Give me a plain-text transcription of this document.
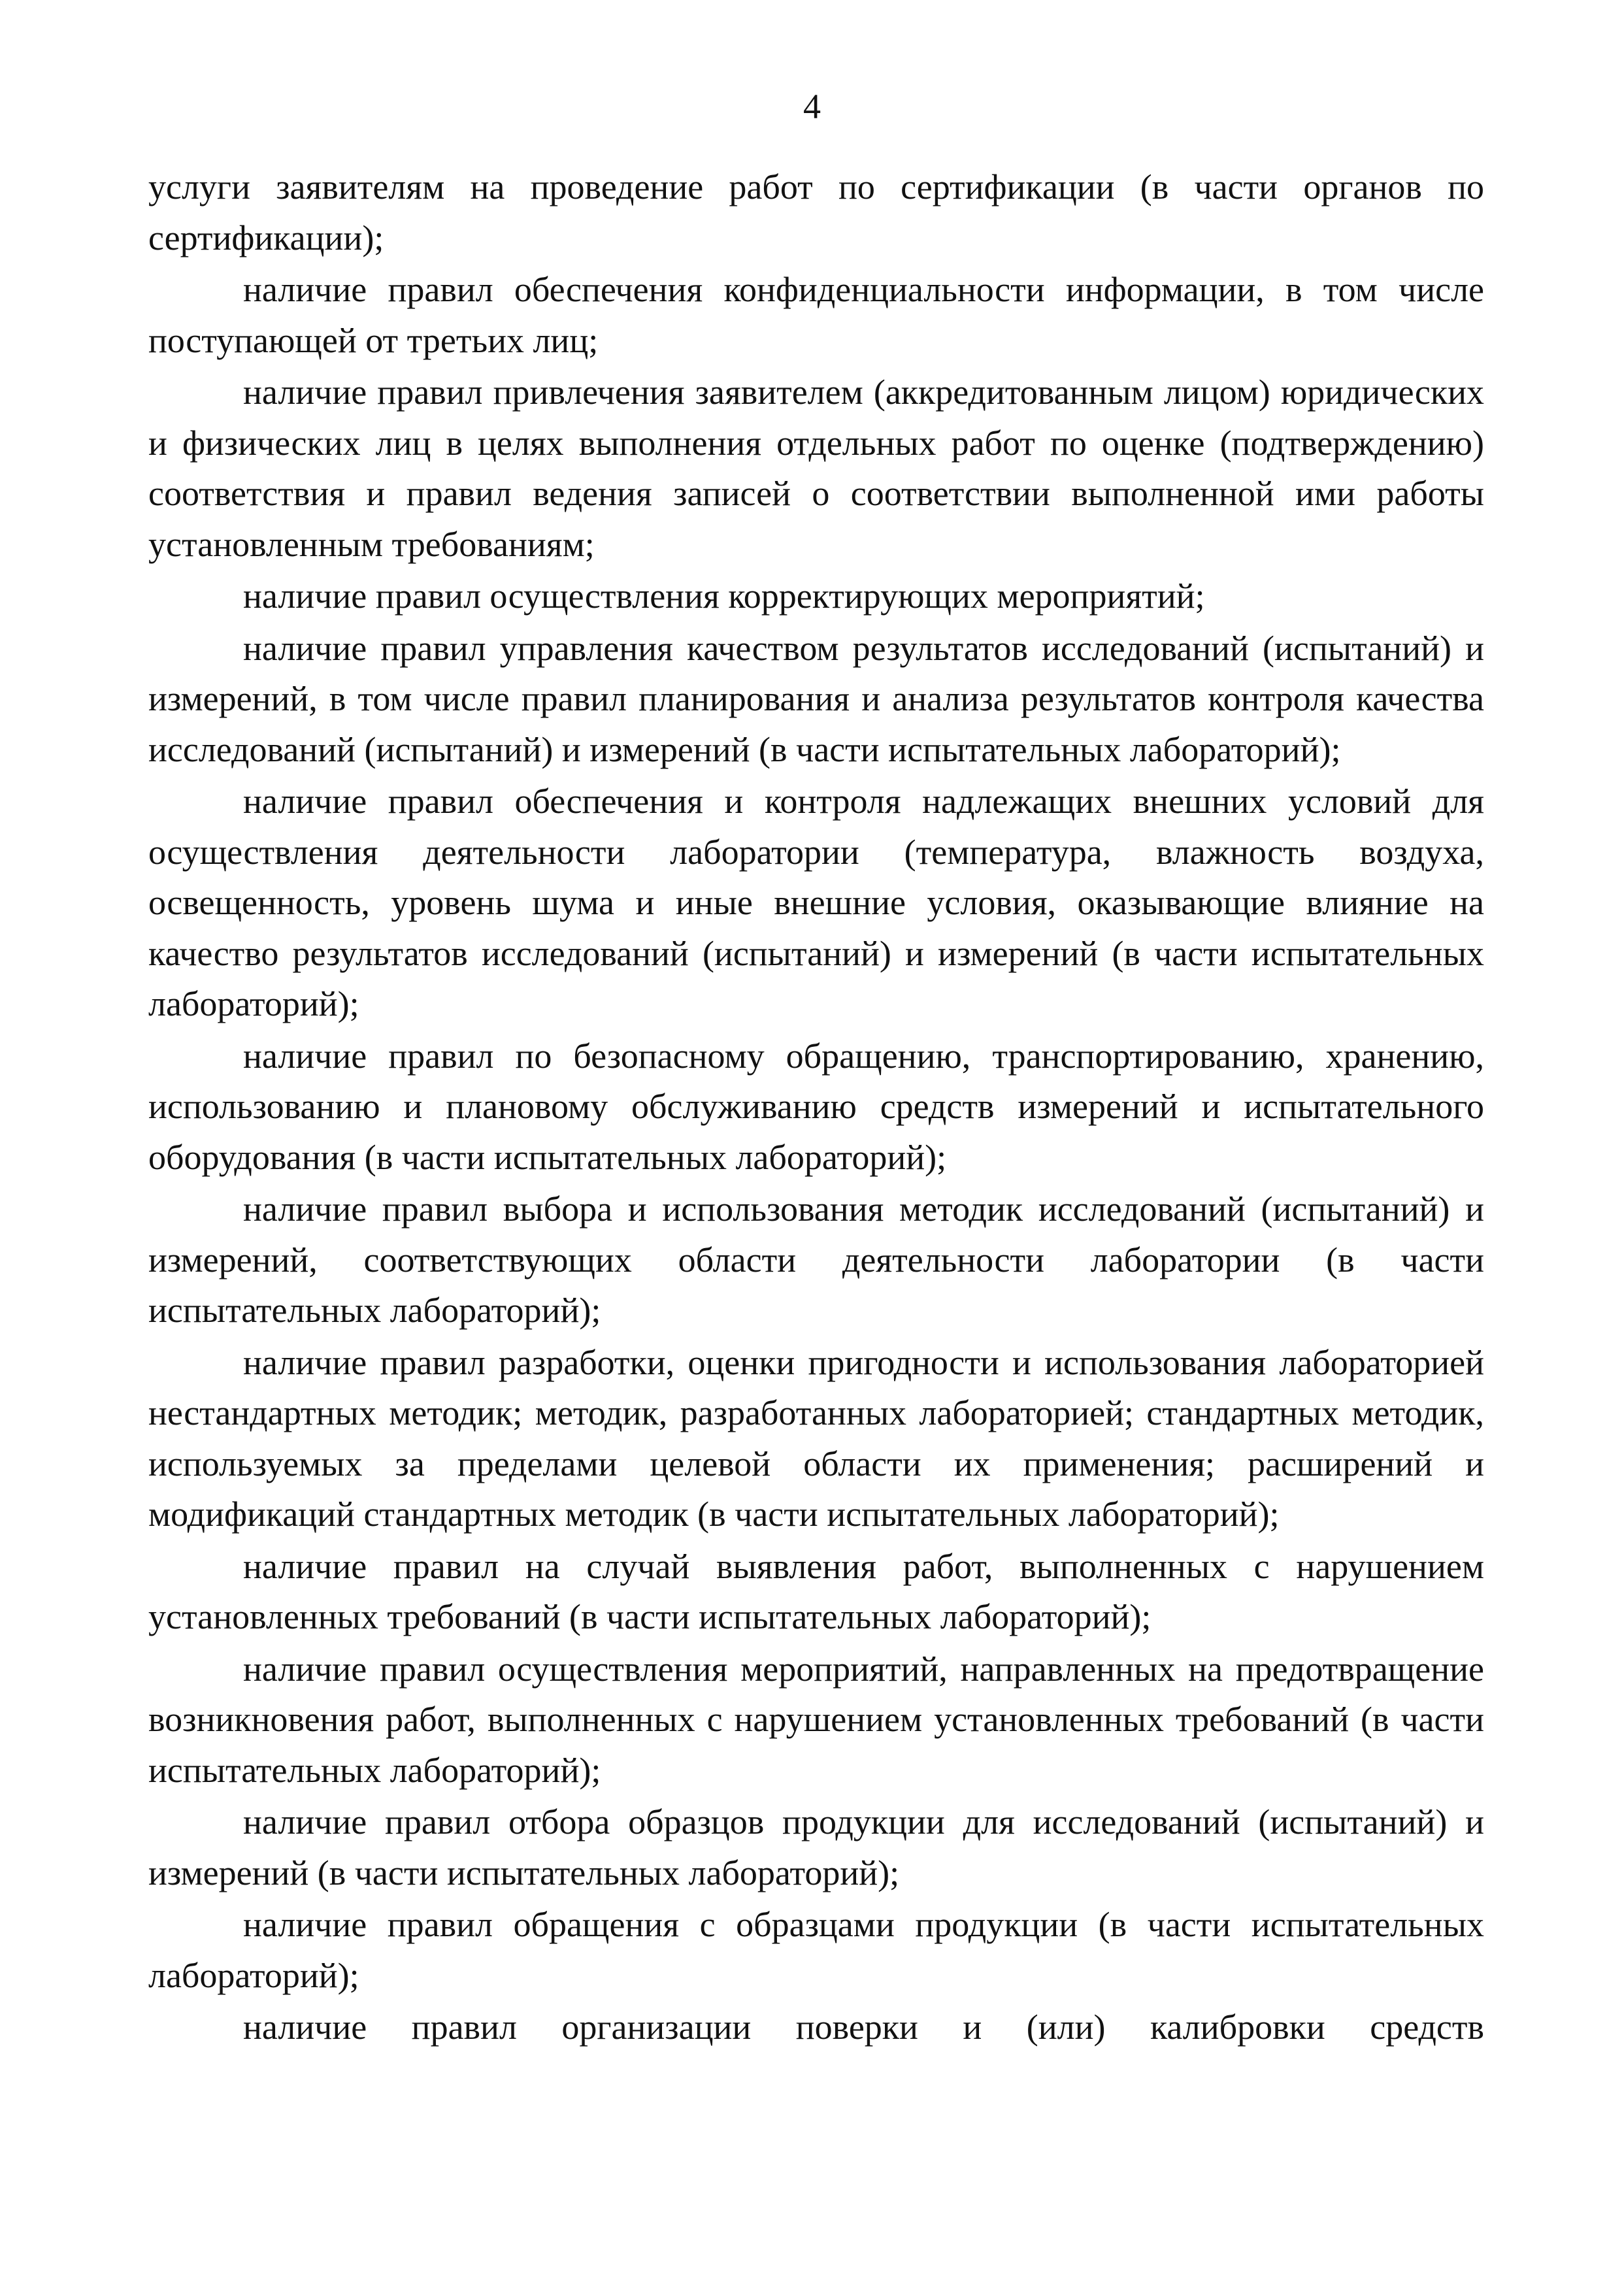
4

услуги заявителям на проведение работ по сертификации (в части органов по сертификации);

наличие правил обеспечения конфиденциальности информации, в том числе поступающей от третьих лиц;

наличие правил привлечения заявителем (аккредитованным лицом) юридических и физических лиц в целях выполнения отдельных работ по оценке (подтверждению) соответствия и правил ведения записей о соответствии выполненной ими работы установленным требованиям;

наличие правил осуществления корректирующих мероприятий;

наличие правил управления качеством результатов исследований (испытаний) и измерений, в том числе правил планирования и анализа результатов контроля качества исследований (испытаний) и измерений (в части испытательных лабораторий);

наличие правил обеспечения и контроля надлежащих внешних условий для осуществления деятельности лаборатории (температура, влажность воздуха, освещенность, уровень шума и иные внешние условия, оказывающие влияние на качество результатов исследований (испытаний) и измерений (в части испытательных лабораторий);

наличие правил по безопасному обращению, транспортированию, хранению, использованию и плановому обслуживанию средств измерений и испытательного оборудования (в части испытательных лабораторий);

наличие правил выбора и использования методик исследований (испытаний) и измерений, соответствующих области деятельности лаборатории (в части испытательных лабораторий);

наличие правил разработки, оценки пригодности и использования лабораторией нестандартных методик; методик, разработанных лабораторией; стандартных методик, используемых за пределами целевой области их применения; расширений и модификаций стандартных методик (в части испытательных лабораторий);

наличие правил на случай выявления работ, выполненных с нарушением установленных требований (в части испытательных лабораторий);

наличие правил осуществления мероприятий, направленных на предотвращение возникновения работ, выполненных с нарушением установленных требований (в части испытательных лабораторий);

наличие правил отбора образцов продукции для исследований (испытаний) и измерений (в части испытательных лабораторий);

наличие правил обращения с образцами продукции (в части испытательных лабораторий);

наличие правил организации поверки и (или) калибровки средств
